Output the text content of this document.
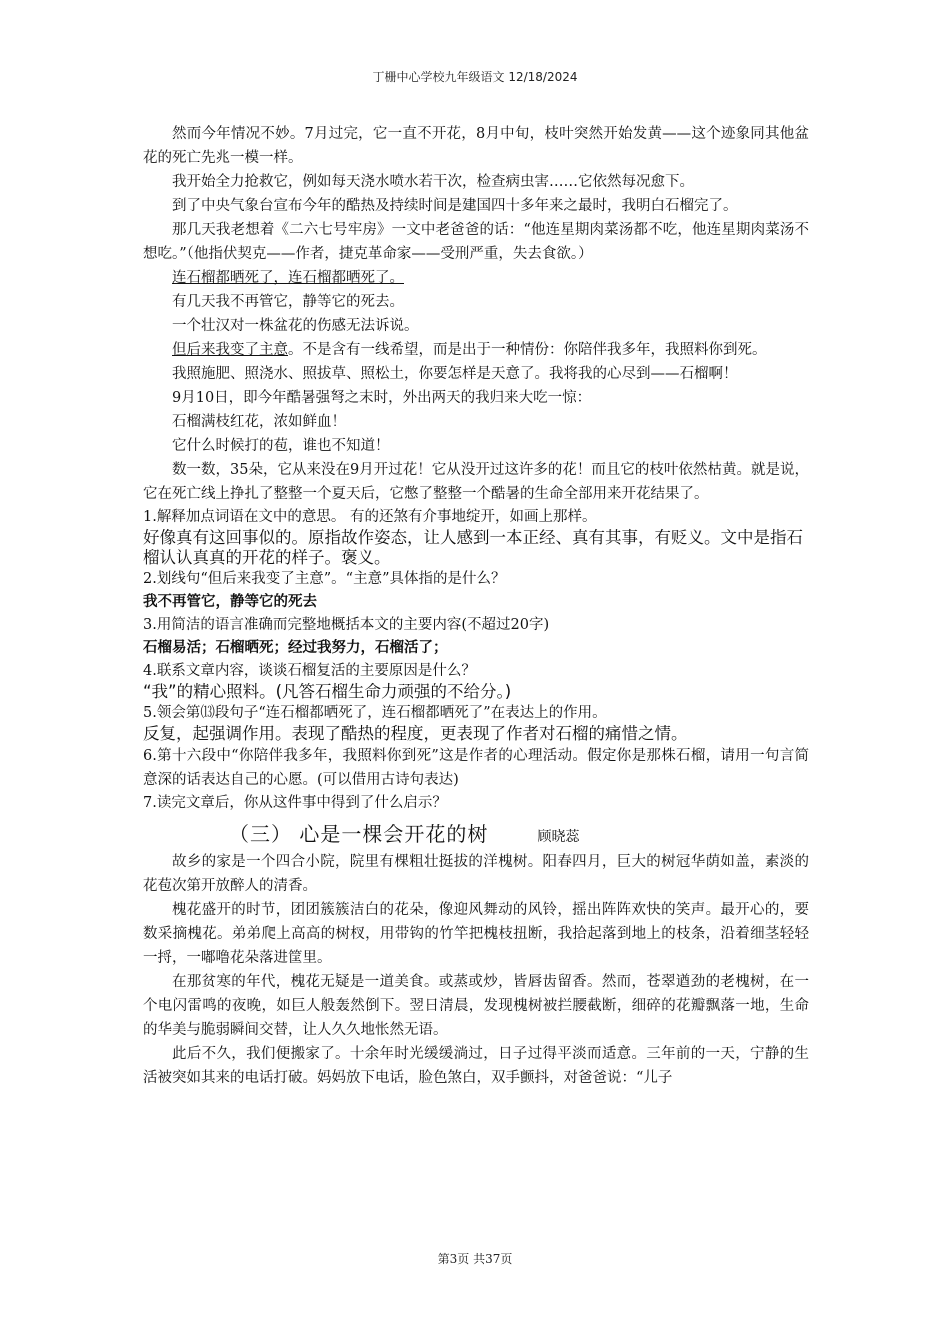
丁栅中心学校九年级语文 12/18/2024

然而今年情况不妙。7月过完，它一直不开花，8月中旬，枝叶突然开始发黄——这个迹象同其他盆花的死亡先兆一模一样。

我开始全力抢救它，例如每天浇水喷水若干次，检查病虫害……它依然每况愈下。

到了中央气象台宣布今年的酷热及持续时间是建国四十多年来之最时，我明白石榴完了。

那几天我老想着《二六七号牢房》一文中老爸爸的话：“他连星期肉菜汤都不吃，他连星期肉菜汤不想吃。”（他指伏契克——作者，捷克革命家——受刑严重，失去食欲。）

连石榴都晒死了，连石榴都晒死了。

有几天我不再管它，静等它的死去。

一个壮汉对一株盆花的伤感无法诉说。

但后来我变了主意。不是含有一线希望，而是出于一种情份：你陪伴我多年，我照料你到死。

我照施肥、照浇水、照拔草、照松土，你要怎样是天意了。我将我的心尽到——石榴啊！

9月10日，即今年酷暑强弩之末时，外出两天的我归来大吃一惊：

石榴满枝红花，浓如鲜血！

它什么时候打的苞，谁也不知道！

数一数，35朵，它从来没在9月开过花！它从没开过这许多的花！而且它的枝叶依然枯黄。就是说，它在死亡线上挣扎了整整一个夏天后，它憋了整整一个酷暑的生命全部用来开花结果了。

1.解释加点词语在文中的意思。 有的还煞有介事地绽开，如画上那样。

好像真有这回事似的。原指故作姿态，让人感到一本正经、真有其事，有贬义。文中是指石榴认认真真的开花的样子。褒义。

2.划线句“但后来我变了主意”。“主意”具体指的是什么？

我不再管它，静等它的死去

3.用简洁的语言准确而完整地概括本文的主要内容(不超过20字)

石榴易活；石榴晒死；经过我努力，石榴活了；

4.联系文章内容，谈谈石榴复活的主要原因是什么？

“我”的精心照料。(凡答石榴生命力顽强的不给分。)

5.领会第⒀段句子“连石榴都晒死了，连石榴都晒死了”在表达上的作用。

反复，起强调作用。表现了酷热的程度，更表现了作者对石榴的痛惜之情。

6.第十六段中“你陪伴我多年，我照料你到死”这是作者的心理活动。假定你是那株石榴，请用一句言简意深的话表达自己的心愿。(可以借用古诗句表达)

7.读完文章后，你从这件事中得到了什么启示？

（三） 心是一棵会开花的树	顾晓蕊

故乡的家是一个四合小院，院里有棵粗壮挺拔的洋槐树。阳春四月，巨大的树冠华荫如盖，素淡的花苞次第开放醉人的清香。

槐花盛开的时节，团团簇簇洁白的花朵，像迎风舞动的风铃，摇出阵阵欢快的笑声。最开心的，要数采摘槐花。弟弟爬上高高的树杈，用带钩的竹竿把槐枝扭断，我拾起落到地上的枝条，沿着细茎轻轻一捋，一嘟噜花朵落进筐里。

在那贫寒的年代，槐花无疑是一道美食。或蒸或炒，皆唇齿留香。然而，苍翠遒劲的老槐树，在一个电闪雷鸣的夜晚，如巨人般轰然倒下。翌日清晨，发现槐树被拦腰截断，细碎的花瓣飘落一地，生命的华美与脆弱瞬间交替，让人久久地怅然无语。

此后不久，我们便搬家了。十余年时光缓缓淌过，日子过得平淡而适意。三年前的一天，宁静的生活被突如其来的电话打破。妈妈放下电话，脸色煞白，双手颤抖，对爸爸说：“儿子

第3页 共37页
